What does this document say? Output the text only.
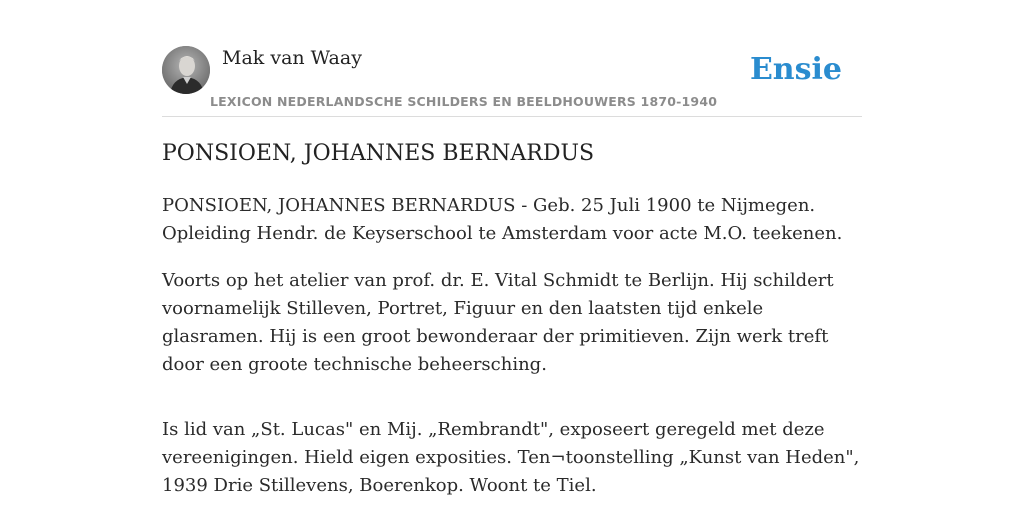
Mak van Waay
LEXICON NEDERLANDSCHE SCHILDERS EN BEELDHOUWERS 1870-1940
Ensie
PONSIOEN, JOHANNES BERNARDUS

PONSIOEN, JOHANNES BERNARDUS - Geb. 25 Juli 1900 te Nijmegen. Opleiding Hendr. de Keyserschool te Amsterdam voor acte M.O. teekenen.

Voorts op het atelier van prof. dr. E. Vital Schmidt te Berlijn. Hij schildert voornamelijk Stilleven, Portret, Figuur en den laatsten tijd enkele glasramen. Hij is een groot bewonderaar der primitieven. Zijn werk treft door een groote technische beheersching.

Is lid van „St. Lucas" en Mij. „Rembrandt", exposeert geregeld met deze vereenigingen. Hield eigen exposities. Ten¬toonstelling „Kunst van Heden", 1939 Drie Stillevens, Boerenkop. Woont te Tiel.
